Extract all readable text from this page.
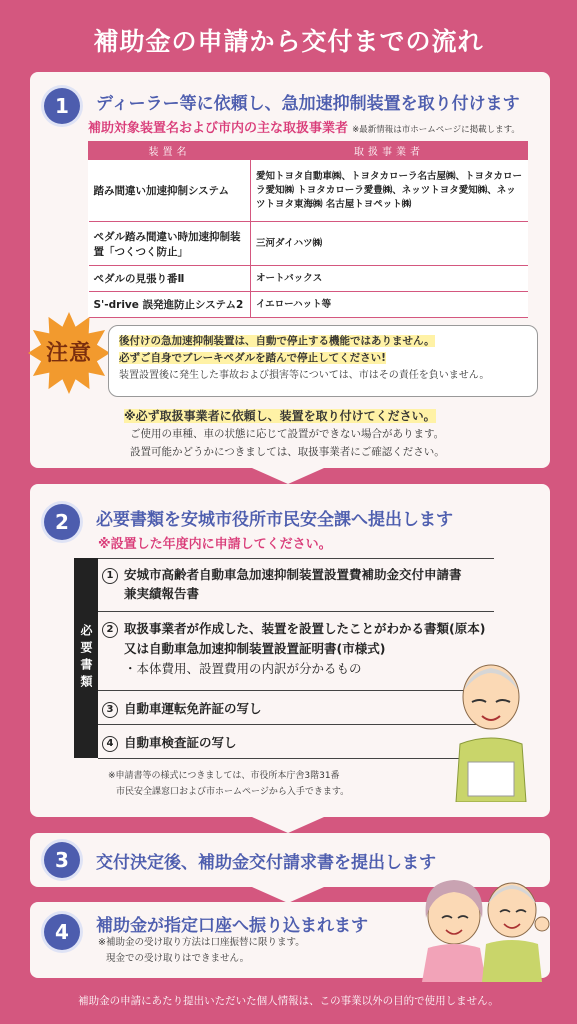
補助金の申請から交付までの流れ
1	ディーラー等に依頼し、急加速抑制装置を取り付けます
補助対象装置名および市内の主な取扱事業者 ※最新情報は市ホームページに掲載します。
装置名	取扱事業者
踏み間違い加速抑制システム	愛知トヨタ自動車㈱、トヨタカローラ名古屋㈱、トヨタカローラ愛知㈱ トヨタカローラ愛豊㈱、ネッツトヨタ愛知㈱、ネッツトヨタ東海㈱ 名古屋トヨペット㈱
ペダル踏み間違い時加速抑制装置「つくつく防止」	三河ダイハツ㈱
ペダルの見張り番Ⅱ	オートバックス
S'-drive 誤発進防止システム2	イエローハット等
注意	後付けの急加速抑制装置は、自動で停止する機能ではありません。
必ずご自身でブレーキペダルを踏んで停止してください!
装置設置後に発生した事故および損害等については、市はその責任を負いません。
※必ず取扱事業者に依頼し、装置を取り付けてください。
ご使用の車種、車の状態に応じて設置ができない場合があります。
設置可能かどうかにつきましては、取扱事業者にご確認ください。
2	必要書類を安城市役所市民安全課へ提出します
※設置した年度内に申請してください。
必要書類
1 安城市高齢者自動車急加速抑制装置設置費補助金交付申請書
兼実績報告書
2 取扱事業者が作成した、装置を設置したことがわかる書類(原本)
又は自動車急加速抑制装置設置証明書(市様式)
・本体費用、設置費用の内訳が分かるもの
3 自動車運転免許証の写し
4 自動車検査証の写し
※申請書等の様式につきましては、市役所本庁舎3階31番
市民安全課窓口および市ホームページから入手できます。
3	交付決定後、補助金交付請求書を提出します
4	補助金が指定口座へ振り込まれます
※補助金の受け取り方法は口座振替に限ります。
現金での受け取りはできません。
補助金の申請にあたり提出いただいた個人情報は、この事業以外の目的で使用しません。
